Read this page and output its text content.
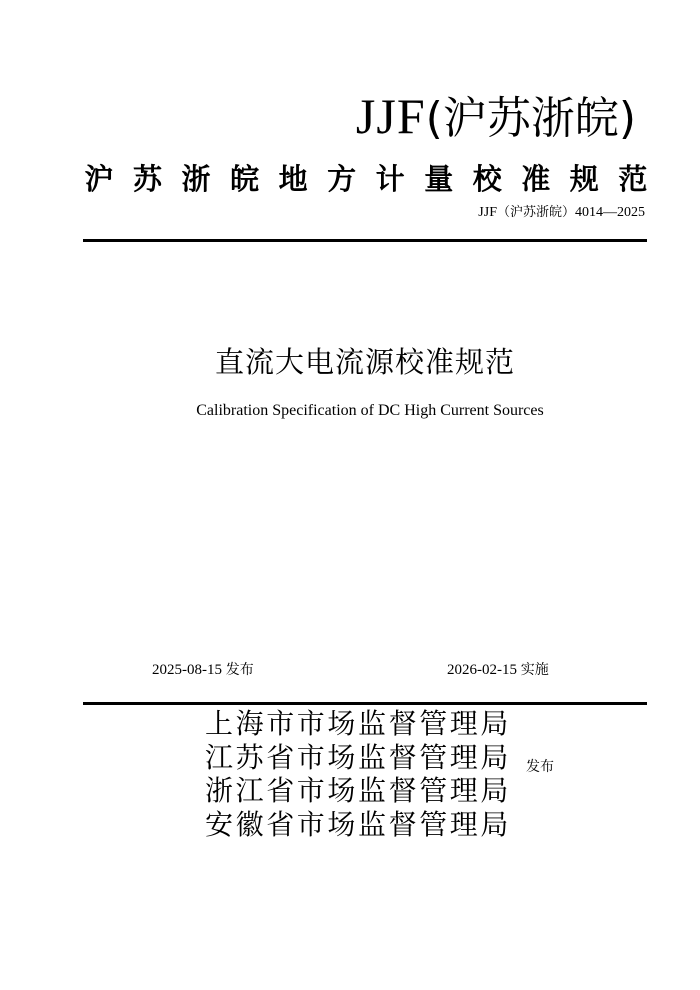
JJF(沪苏浙皖)
沪 苏 浙 皖 地 方 计 量 校 准 规 范
JJF（沪苏浙皖）4014—2025
直流大电流源校准规范
Calibration Specification of DC High Current Sources
2025-08-15 发布	2026-02-15 实施
上海市市场监督管理局
江苏省市场监督管理局
浙江省市场监督管理局
安徽省市场监督管理局
发布
